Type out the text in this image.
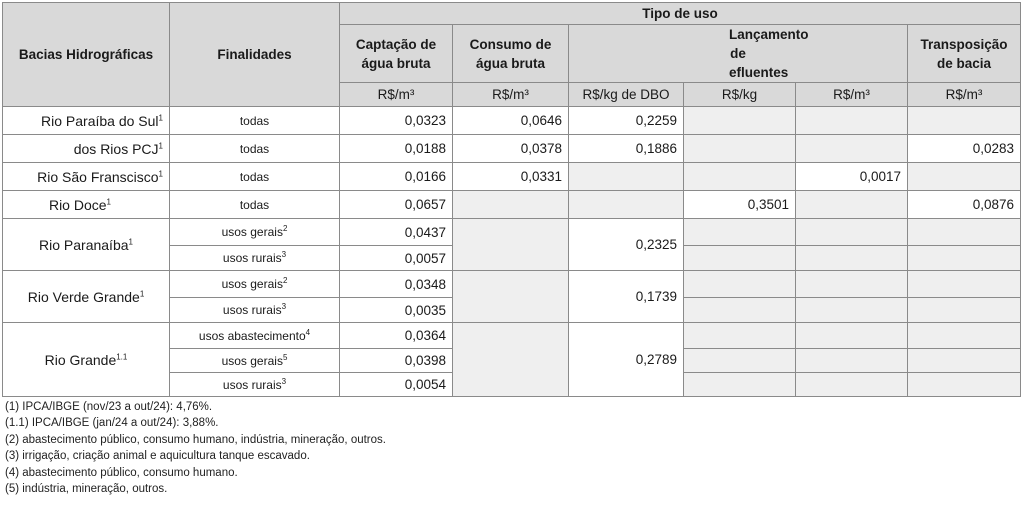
Bacias Hidrográficas	Finalidades	Tipo de uso					
		Captação de água bruta	Consumo de água bruta	Lançamento de efluentes			Transposição de bacia
		R$/m³	R$/m³	R$/kg de DBO	R$/kg	R$/m³	R$/m³
Rio Paraíba do Sul$^1$	todas	0,0323	0,0646	0,2259			
dos Rios PCJ$^1$	todas	0,0188	0,0378	0,1886			0,0283
Rio São Franscisco$^1$	todas	0,0166	0,0331			0,0017	
Rio Doce$^1$	todas	0,0657			0,3501		0,0876
Rio Paranaíba$^1$	usos gerais$^2$	0,0437		0,2325			
	usos rurais$^3$	0,0057					
Rio Verde Grande$^1$	usos gerais$^2$	0,0348		0,1739			
	usos rurais$^3$	0,0035					
Rio Grande$^{1.1}$	usos abastecimento$^4$	0,0364		0,2789			
	usos gerais$^5$	0,0398					
	usos rurais$^3$	0,0054					
(1) IPCA/IBGE (nov/23 a out/24): 4,76%.
(1.1) IPCA/IBGE (jan/24 a out/24): 3,88%.
(2) abastecimento público, consumo humano, indústria, mineração, outros.
(3) irrigação, criação animal e aquicultura tanque escavado.
(4) abastecimento público, consumo humano.
(5) indústria, mineração, outros.
